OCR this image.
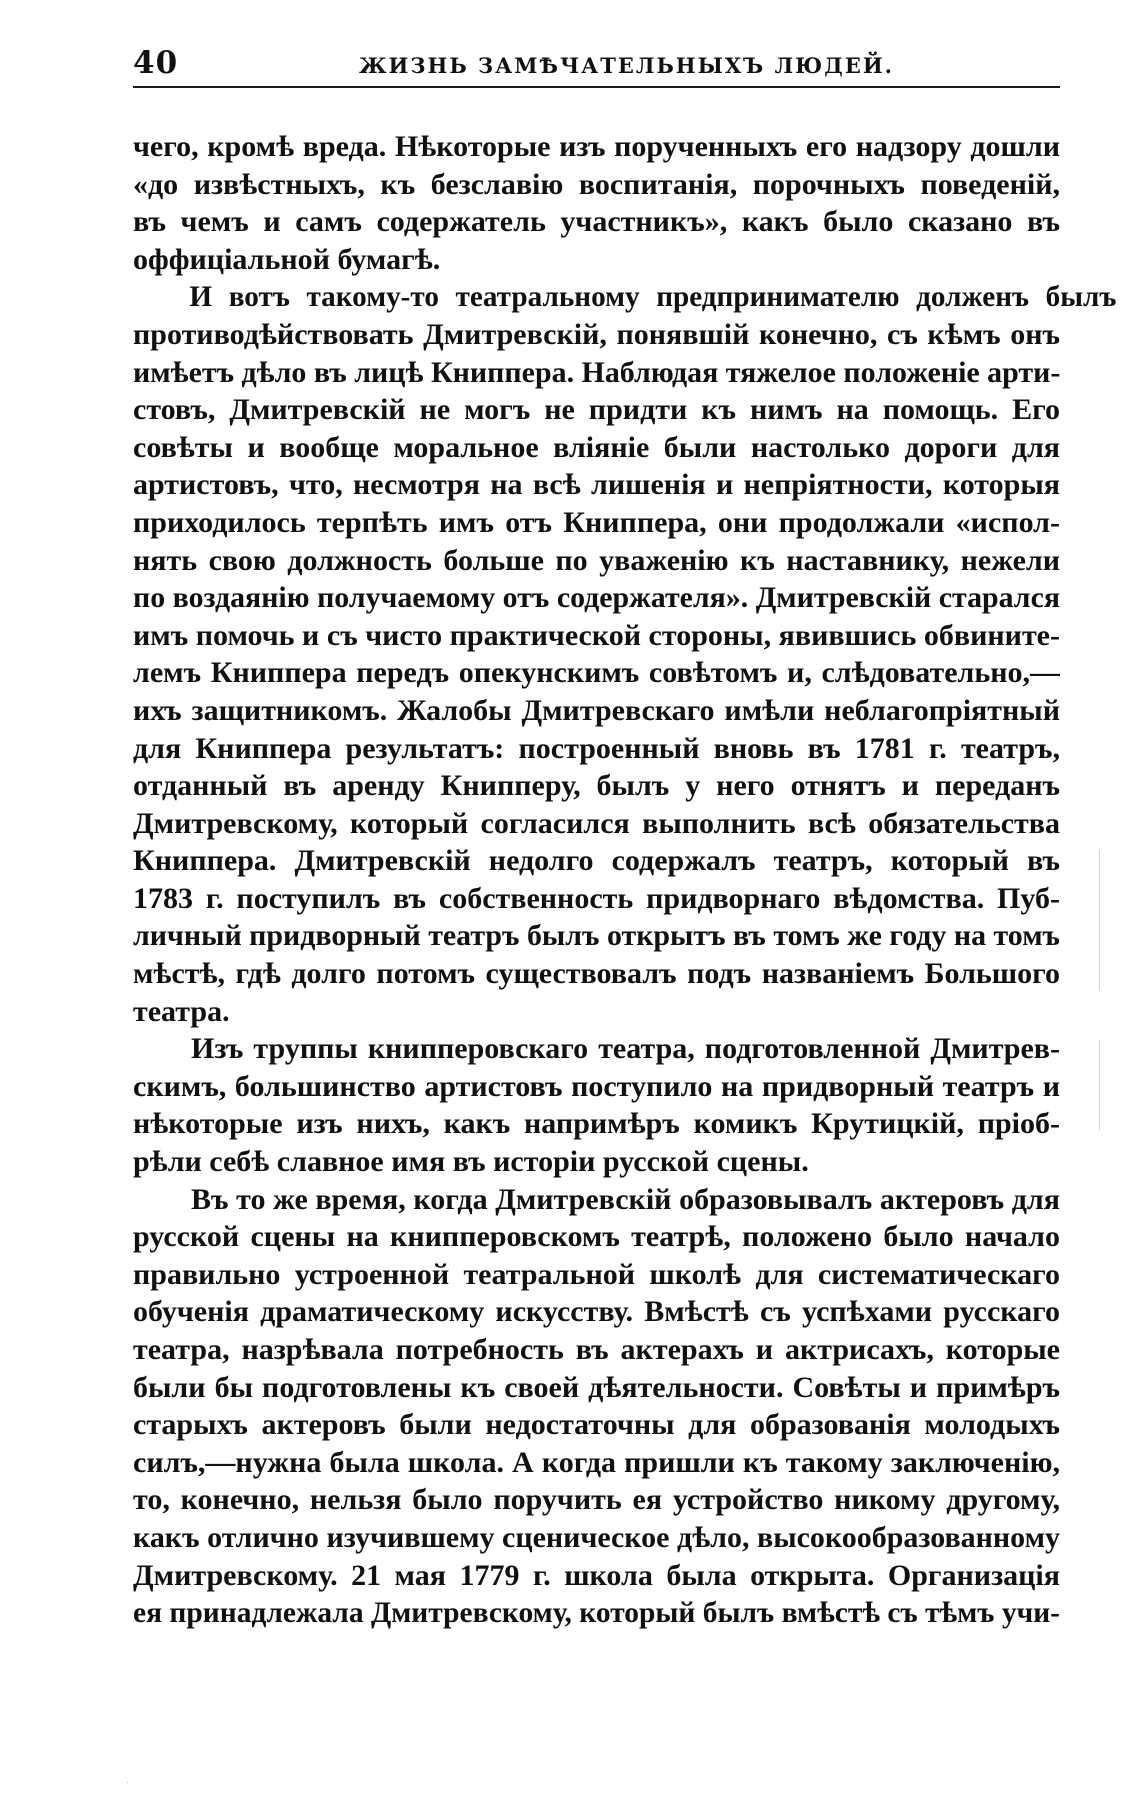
40	ЖИЗНЬ ЗАМѢЧАТЕЛЬНЫХЪ ЛЮДЕЙ.
чего, кромѣ вреда. Нѣкоторые изъ порученныхъ его надзору дошли
«до извѣстныхъ, къ безславію воспитанія, порочныхъ поведеній,
въ чемъ и самъ содержатель участникъ», какъ было сказано въ
оффиціальной бумагѣ.
И вотъ такому-то театральному предпринимателю долженъ былъ
противодѣйствовать Дмитревскій, понявшій конечно, съ кѣмъ онъ
имѣетъ дѣло въ лицѣ Книппера. Наблюдая тяжелое положеніе арти-
стовъ, Дмитревскій не могъ не придти къ нимъ на помощь. Его
совѣты и вообще моральное вліяніе были настолько дороги для
артистовъ, что, несмотря на всѣ лишенія и непріятности, которыя
приходилось терпѣть имъ отъ Книппера, они продолжали «испол-
нять свою должность больше по уваженію къ наставнику, нежели
по воздаянію получаемому отъ содержателя». Дмитревскій старался
имъ помочь и съ чисто практической стороны, явившись обвините-
лемъ Книппера передъ опекунскимъ совѣтомъ и, слѣдовательно,—
ихъ защитникомъ. Жалобы Дмитревскаго имѣли неблагопріятный
для Книппера результатъ: построенный вновь въ 1781 г. театръ,
отданный въ аренду Книпперу, былъ у него отнятъ и переданъ
Дмитревскому, который согласился выполнить всѣ обязательства
Книппера. Дмитревскій недолго содержалъ театръ, который въ
1783 г. поступилъ въ собственность придворнаго вѣдомства. Пуб-
личный придворный театръ былъ открытъ въ томъ же году на томъ
мѣстѣ, гдѣ долго потомъ существовалъ подъ названіемъ Большого
театра.
Изъ труппы книпперовскаго театра, подготовленной Дмитрев-
скимъ, большинство артистовъ поступило на придворный театръ и
нѣкоторые изъ нихъ, какъ напримѣръ комикъ Крутицкій, пріоб-
рѣли себѣ славное имя въ исторіи русской сцены.
Въ то же время, когда Дмитревскій образовывалъ актеровъ для
русской сцены на книпперовскомъ театрѣ, положено было начало
правильно устроенной театральной школѣ для систематическаго
обученія драматическому искусству. Вмѣстѣ съ успѣхами русскаго
театра, назрѣвала потребность въ актерахъ и актрисахъ, которые
были бы подготовлены къ своей дѣятельности. Совѣты и примѣръ
старыхъ актеровъ были недостаточны для образованія молодыхъ
силъ,—нужна была школа. А когда пришли къ такому заключенію,
то, конечно, нельзя было поручить ея устройство никому другому,
какъ отлично изучившему сценическое дѣло, высокообразованному
Дмитревскому. 21 мая 1779 г. школа была открыта. Организація
ея принадлежала Дмитревскому, который былъ вмѣстѣ съ тѣмъ учи-
·
